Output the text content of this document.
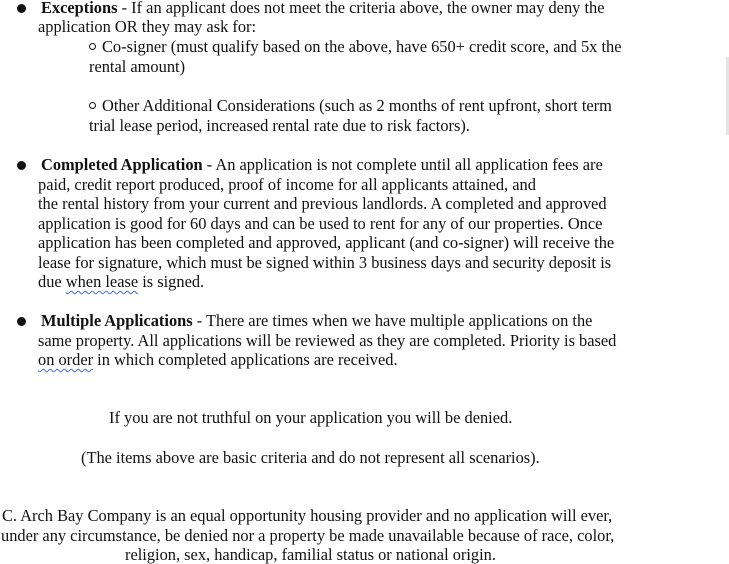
Exceptions - If an applicant does not meet the criteria above, the owner may deny the
application OR they may ask for:
Co-signer (must qualify based on the above, have 650+ credit score, and 5x the
rental amount)
Other Additional Considerations (such as 2 months of rent upfront, short term
trial lease period, increased rental rate due to risk factors).
Completed Application - An application is not complete until all application fees are
paid, credit report produced, proof of income for all applicants attained, and
the rental history from your current and previous landlords. A completed and approved
application is good for 60 days and can be used to rent for any of our properties. Once
application has been completed and approved, applicant (and co-signer) will receive the
lease for signature, which must be signed within 3 business days and security deposit is
due when lease is signed.
Multiple Applications - There are times when we have multiple applications on the
same property. All applications will be reviewed as they are completed. Priority is based
on order in which completed applications are received.
If you are not truthful on your application you will be denied.
(The items above are basic criteria and do not represent all scenarios).
C. Arch Bay Company is an equal opportunity housing provider and no application will ever,
under any circumstance, be denied nor a property be made unavailable because of race, color,
religion, sex, handicap, familial status or national origin.
